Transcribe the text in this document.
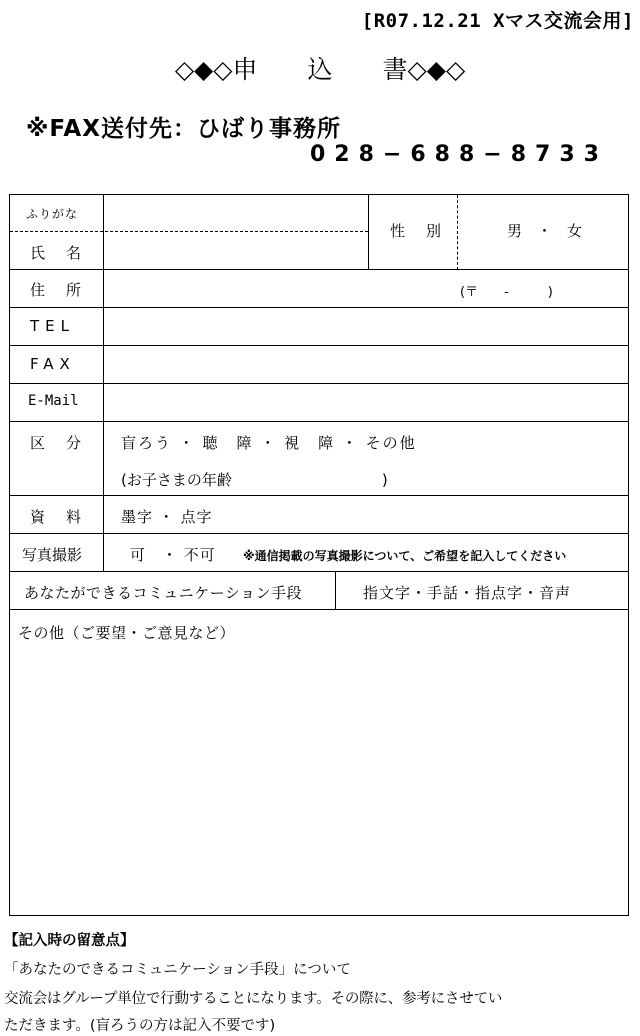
[R07.12.21 Xマス交流会用]
◇◆◇申　　込　　書◇◆◇
※FAX送付先：ひばり事務所
028−688−8733
ふりがな
氏　名
性　別	男　・　女
住　所	(〒　　-　　　)
TEL
FAX
E-Mail
区　分 盲ろう ・ 聴　障 ・ 視　障 ・ その他
(お子さまの年齢　　　　　　　　　　)
資　料 墨字 ・ 点字
写真撮影	可　・ 不可 ※通信掲載の写真撮影について、ご希望を記入してください
あなたができるコミュニケーション手段	指文字・手話・指点字・音声
その他（ご要望・ご意見など）
【記入時の留意点】
「あなたのできるコミュニケーション手段」について
交流会はグループ単位で行動することになります。その際に、参考にさせてい
ただきます。(盲ろうの方は記入不要です)
